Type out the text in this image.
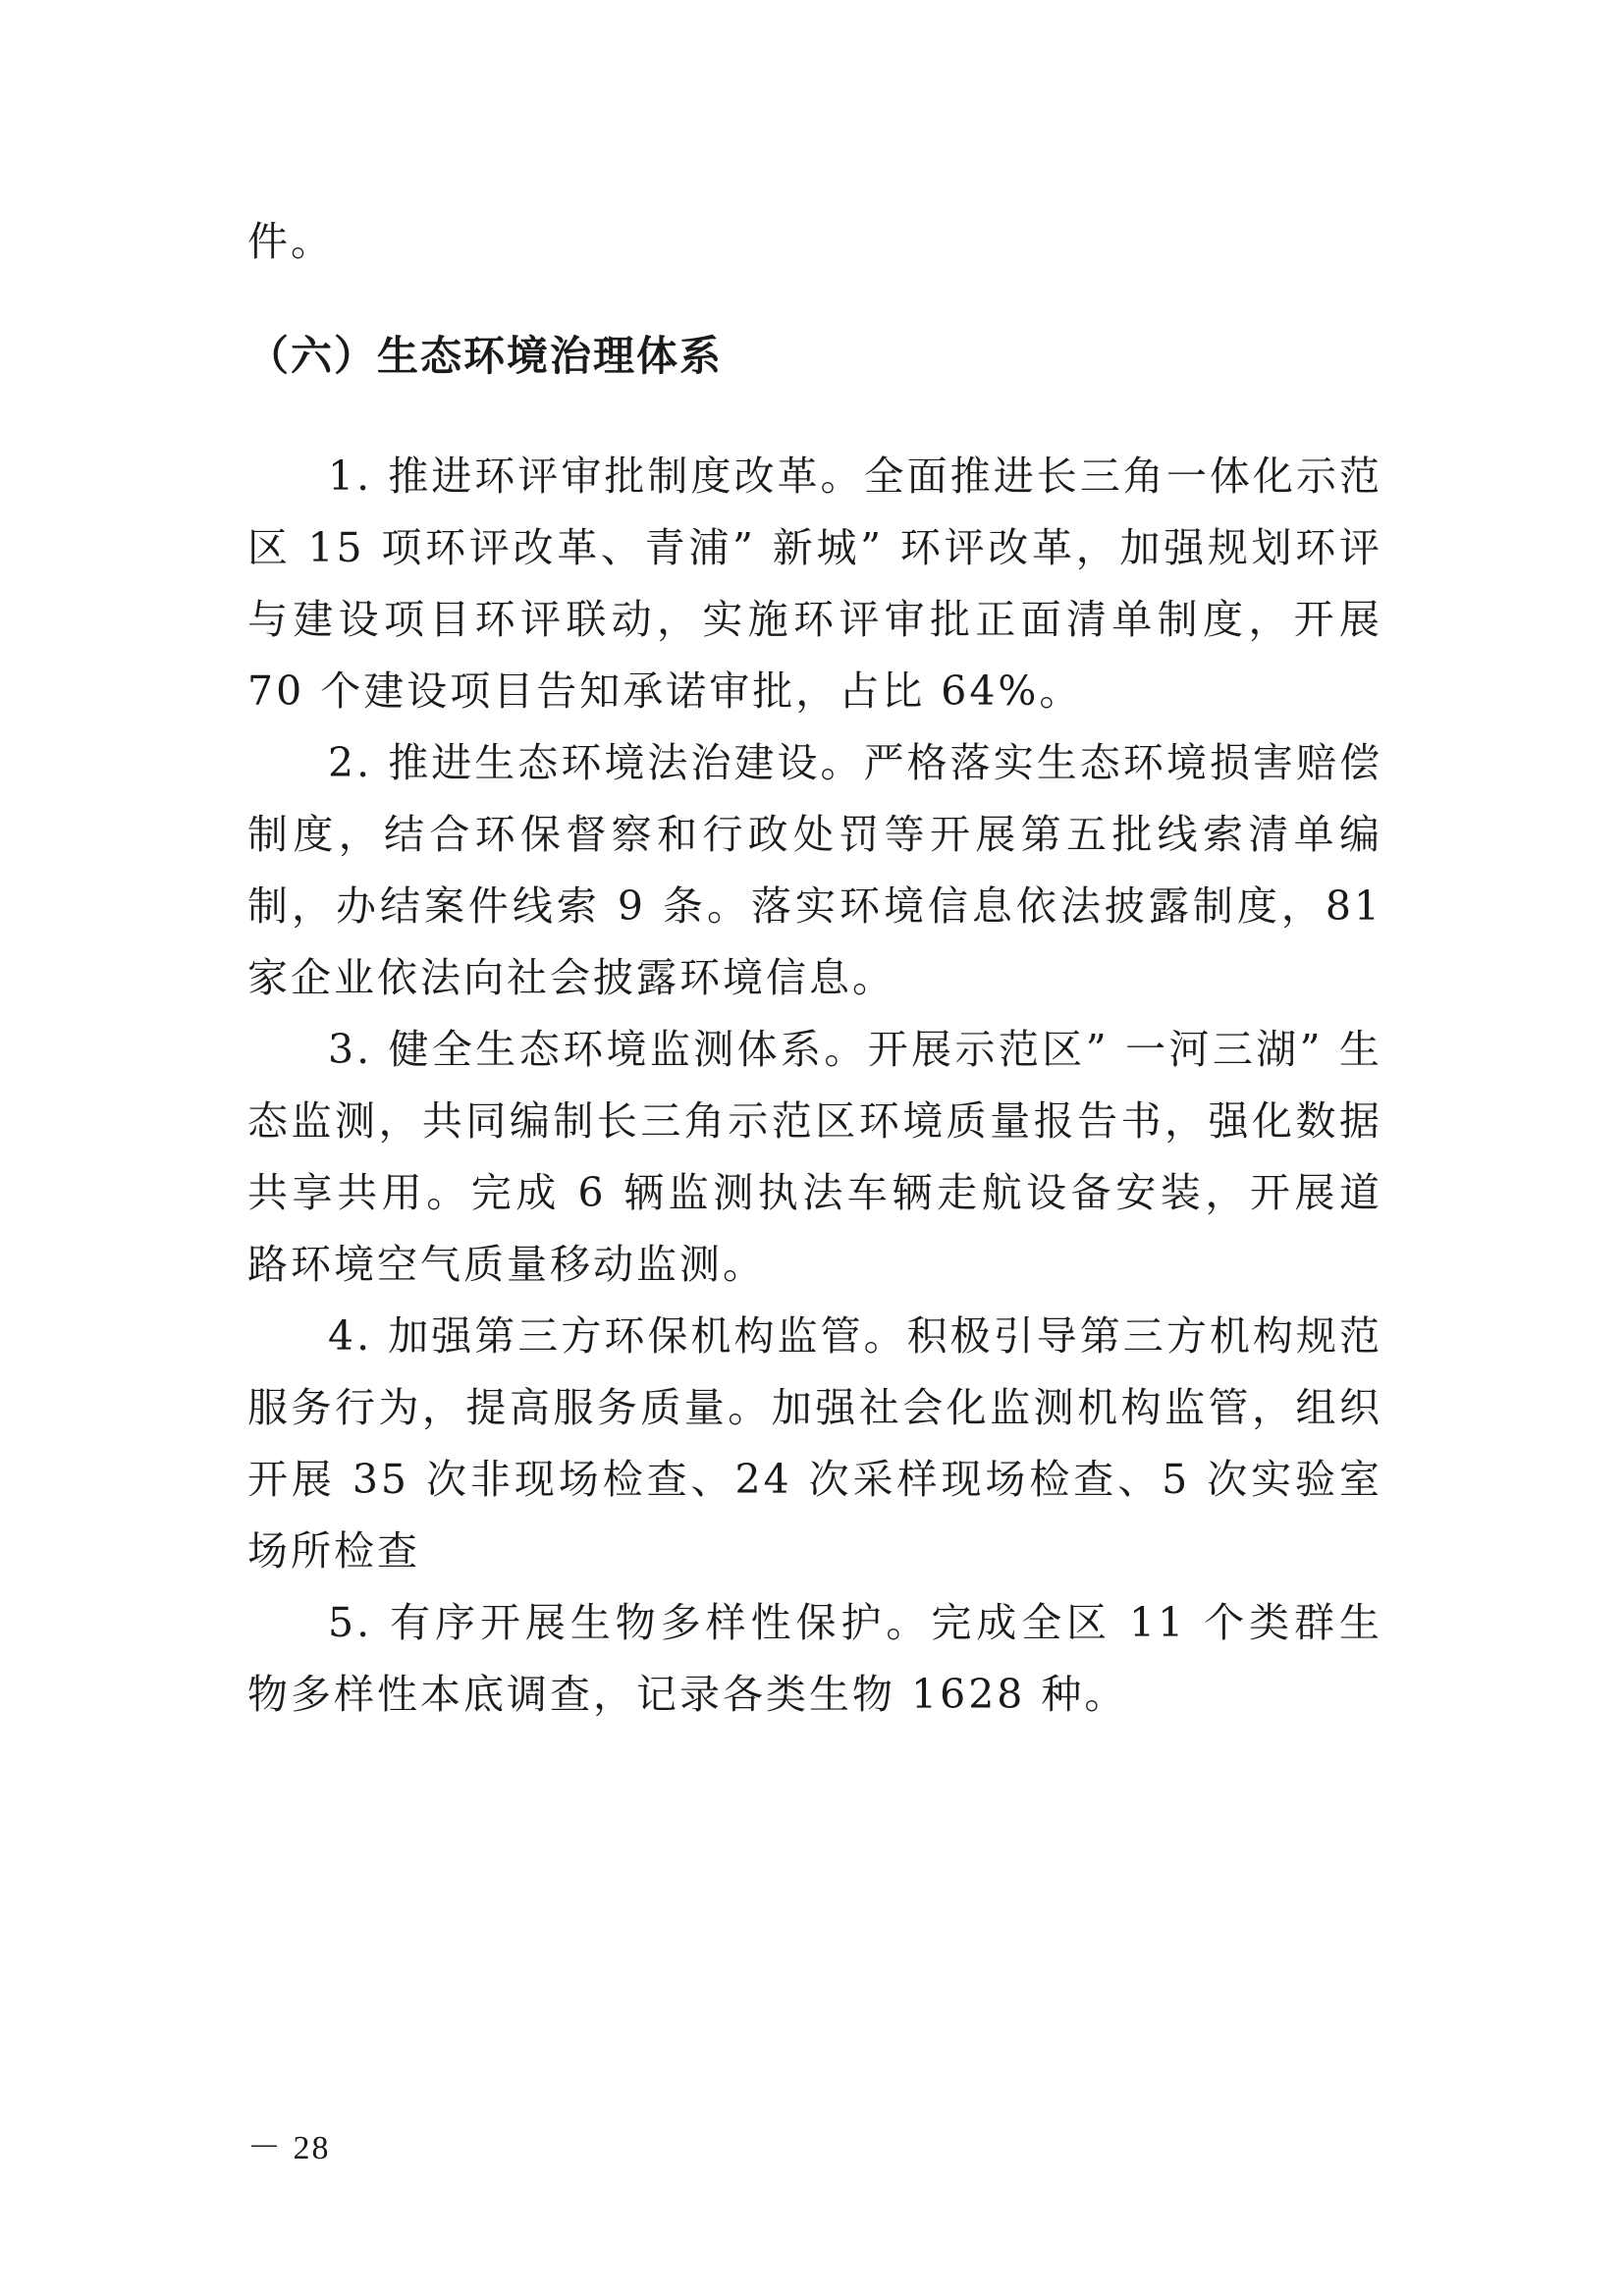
件。

（六）生态环境治理体系

1. 推进环评审批制度改革。全面推进长三角一体化示范区 15 项环评改革、青浦” 新城” 环评改革，加强规划环评与建设项目环评联动，实施环评审批正面清单制度，开展 70 个建设项目告知承诺审批，占比 64%。

2. 推进生态环境法治建设。严格落实生态环境损害赔偿制度，结合环保督察和行政处罚等开展第五批线索清单编制，办结案件线索 9 条。落实环境信息依法披露制度，81 家企业依法向社会披露环境信息。

3. 健全生态环境监测体系。开展示范区” 一河三湖” 生态监测，共同编制长三角示范区环境质量报告书，强化数据共享共用。完成 6 辆监测执法车辆走航设备安装，开展道路环境空气质量移动监测。

4. 加强第三方环保机构监管。积极引导第三方机构规范服务行为，提高服务质量。加强社会化监测机构监管，组织开展 35 次非现场检查、24 次采样现场检查、5 次实验室场所检查

5. 有序开展生物多样性保护。完成全区 11 个类群生物多样性本底调查，记录各类生物 1628 种。

－ 28
